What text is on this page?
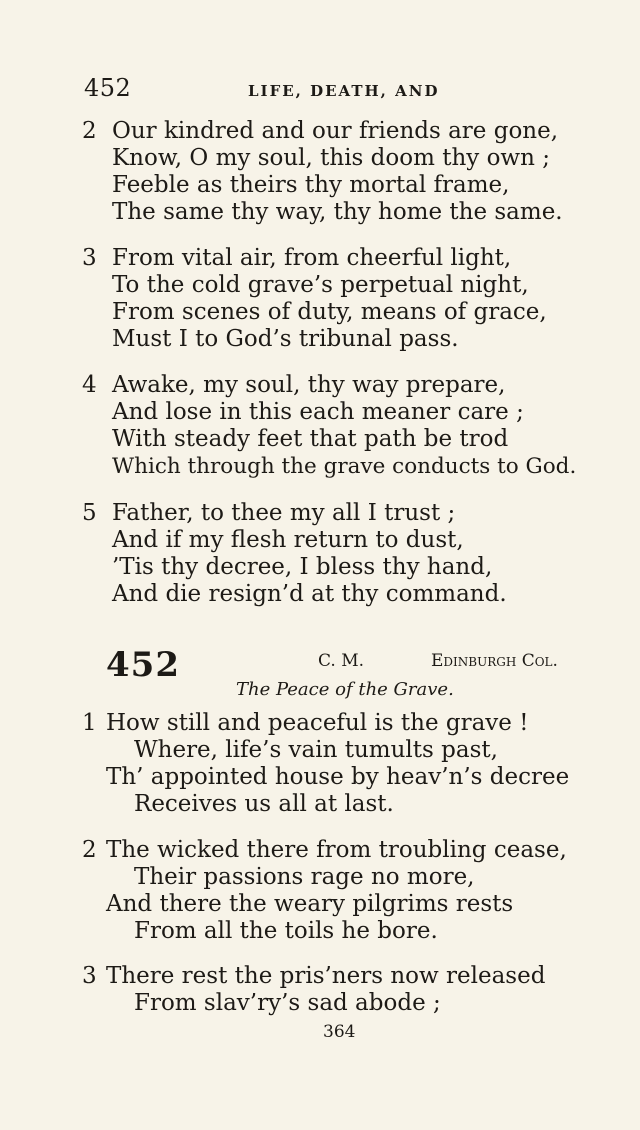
452	LIFE, DEATH, AND
2 Our kindred and our friends are gone,
Know, O my soul, this doom thy own ;
Feeble as theirs thy mortal frame,
The same thy way, thy home the same.
3 From vital air, from cheerful light,
To the cold grave’s perpetual night,
From scenes of duty, means of grace,
Must I to God’s tribunal pass.
4 Awake, my soul, thy way prepare,
And lose in this each meaner care ;
With steady feet that path be trod
Which through the grave conducts to God.
5 Father, to thee my all I trust ;
And if my flesh return to dust,
’Tis thy decree, I bless thy hand,
And die resign’d at thy command.
452	C. M.	Edinburgh Col.
The Peace of the Grave.
1 How still and peaceful is the grave !
Where, life’s vain tumults past,
Th’ appointed house by heav’n’s decree
Receives us all at last.
2 The wicked there from troubling cease,
Their passions rage no more,
And there the weary pilgrims rests
From all the toils he bore.
3 There rest the pris’ners now released
From slav’ry’s sad abode ;
364
